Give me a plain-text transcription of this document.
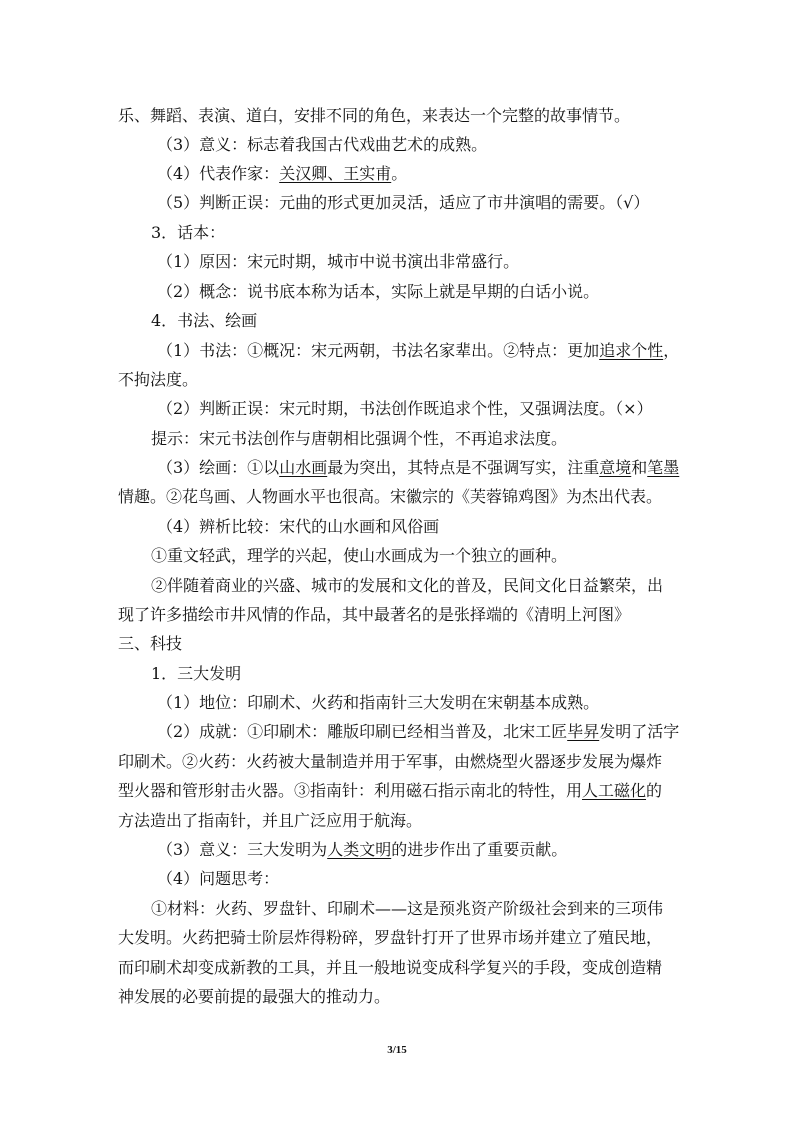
乐、舞蹈、表演、道白，安排不同的角色，来表达一个完整的故事情节。
（3）意义：标志着我国古代戏曲艺术的成熟。
（4）代表作家：关汉卿、王实甫。
（5）判断正误：元曲的形式更加灵活，适应了市井演唱的需要。（√）
3．话本：
（1）原因：宋元时期，城市中说书演出非常盛行。
（2）概念：说书底本称为话本，实际上就是早期的白话小说。
4．书法、绘画
（1）书法：①概况：宋元两朝，书法名家辈出。②特点：更加追求个性，
不拘法度。
（2）判断正误：宋元时期，书法创作既追求个性，又强调法度。（×）
提示：宋元书法创作与唐朝相比强调个性，不再追求法度。
（3）绘画：①以山水画最为突出，其特点是不强调写实，注重意境和笔墨
情趣。②花鸟画、人物画水平也很高。宋徽宗的《芙蓉锦鸡图》为杰出代表。
（4）辨析比较：宋代的山水画和风俗画
①重文轻武，理学的兴起，使山水画成为一个独立的画种。
②伴随着商业的兴盛、城市的发展和文化的普及，民间文化日益繁荣，出
现了许多描绘市井风情的作品，其中最著名的是张择端的《清明上河图》
三、科技
1．三大发明
（1）地位：印刷术、火药和指南针三大发明在宋朝基本成熟。
（2）成就：①印刷术：雕版印刷已经相当普及，北宋工匠毕昇发明了活字
印刷术。②火药：火药被大量制造并用于军事，由燃烧型火器逐步发展为爆炸
型火器和管形射击火器。③指南针：利用磁石指示南北的特性，用人工磁化的
方法造出了指南针，并且广泛应用于航海。
（3）意义：三大发明为人类文明的进步作出了重要贡献。
（4）问题思考：
①材料：火药、罗盘针、印刷术——这是预兆资产阶级社会到来的三项伟
大发明。火药把骑士阶层炸得粉碎，罗盘针打开了世界市场并建立了殖民地，
而印刷术却变成新教的工具，并且一般地说变成科学复兴的手段，变成创造精
神发展的必要前提的最强大的推动力。
3/15
